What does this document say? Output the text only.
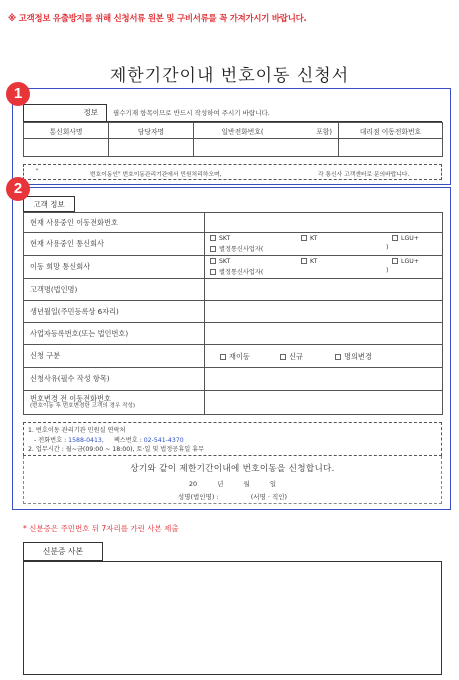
※ 고객정보 유출방지를 위해 신청서류 원본 및 구비서류를 꼭 가져가시기 바랍니다.
제한기간이내 번호이동 신청서
1
2
정보	필수기재 항목이므로 반드시 작성하여 주시기 바랍니다.
통신회사명	담당자명	일반전화번호(	포함)	대리점 이동전화번호

"	번호이동인" 번호이동관리기관에서 민원처리하오며,	각 통신사 고객센터로 문의바랍니다.
고객 정보
현재 사용중인 이동전화번호	
현재 사용중인 통신회사	SKT KT LGU+
별정통신사업자( )

이동 희망 통신회사	SKT KT LGU+
별정통신사업자( )

고객명(법인명)	
생년월일(주민등록상 6자리)	
사업자등록번호(또는 법인번호)	
신청 구분	재이동 신규 명의변경

신청사유(필수 작성 항목)	

번호변경 전 이동전화번호
(번호이동 후 번호변경한 고객의 경우 작성)	

1. 번호이동 관리기관 민원실 연락처
- 전화번호 : 1588-0413, 팩스번호 : 02-541-4370
2. 업무시간 : 월~금(09:00 ~ 18:00), 토·일 및 법정공휴일 휴무
상기와 같이 제한기간이내에 번호이동을 신청합니다.
20 년 월 일
성명(법인명) :	(서명 · 직인)
* 신분증은 주민번호 뒤 7자리를 가린 사본 제출
신분증 사본
